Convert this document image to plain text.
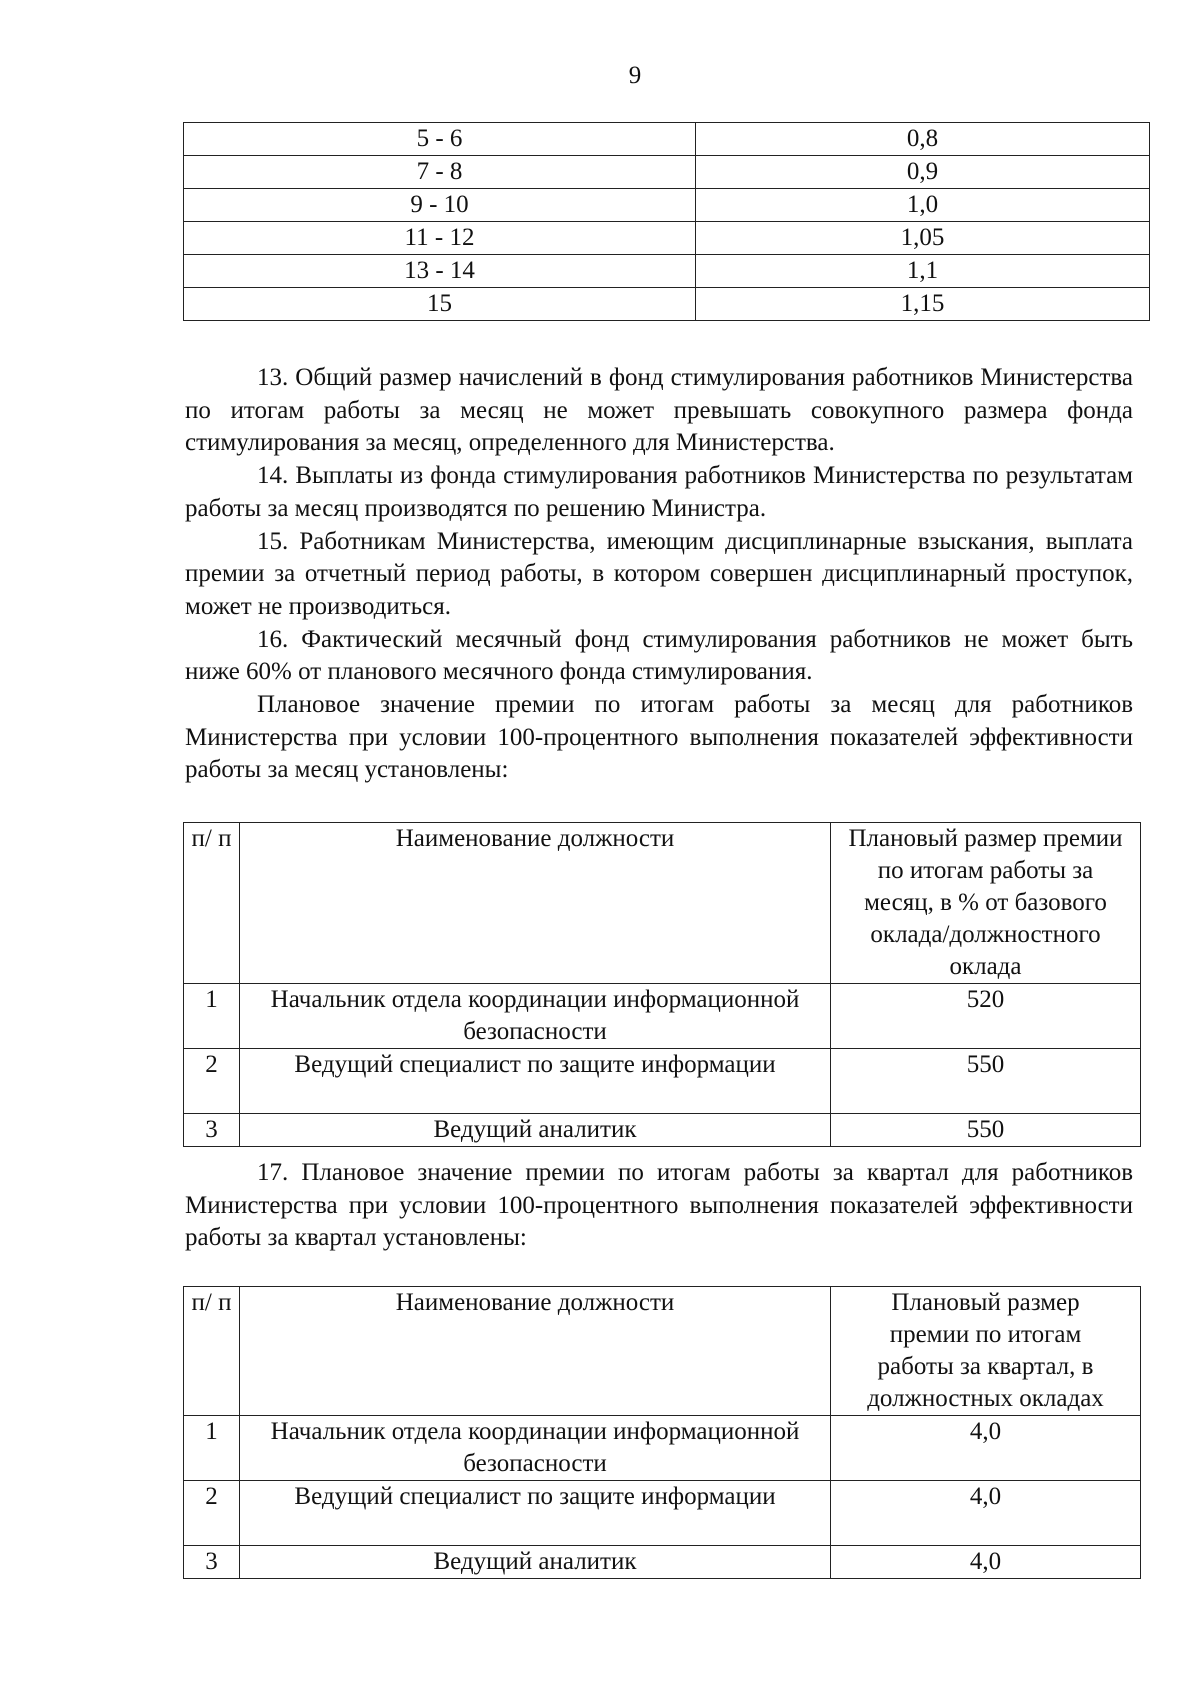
9
5 - 6	0,8
7 - 8	0,9
9 - 10	1,0
11 - 12	1,05
13 - 14	1,1
15	1,15

13. Общий размер начислений в фонд стимулирования работников Министерства по итогам работы за месяц не может превышать совокупного размера фонда стимулирования за месяц, определенного для Министерства.

14. Выплаты из фонда стимулирования работников Министерства по результатам работы за месяц производятся по решению Министра.

15. Работникам Министерства, имеющим дисциплинарные взыскания, выплата премии за отчетный период работы, в котором совершен дисциплинарный проступок, может не производиться.

16. Фактический месячный фонд стимулирования работников не может быть ниже 60% от планового месячного фонда стимулирования.

Плановое значение премии по итогам работы за месяц для работников Министерства при условии 100-процентного выполнения показателей эффективности работы за месяц установлены:

п/ п	Наименование должности	Плановый размер премии по итогам работы за месяц, в % от базового оклада/должностного оклада
1	Начальник отдела координации информационной безопасности	520
2	Ведущий специалист по защите информации	550
3	Ведущий аналитик	550

17. Плановое значение премии по итогам работы за квартал для работников Министерства при условии 100-процентного выполнения показателей эффективности работы за квартал установлены:

п/ п	Наименование должности	Плановый размер премии по итогам работы за квартал, в должностных окладах
1	Начальник отдела координации информационной безопасности	4,0
2	Ведущий специалист по защите информации	4,0
3	Ведущий аналитик	4,0
